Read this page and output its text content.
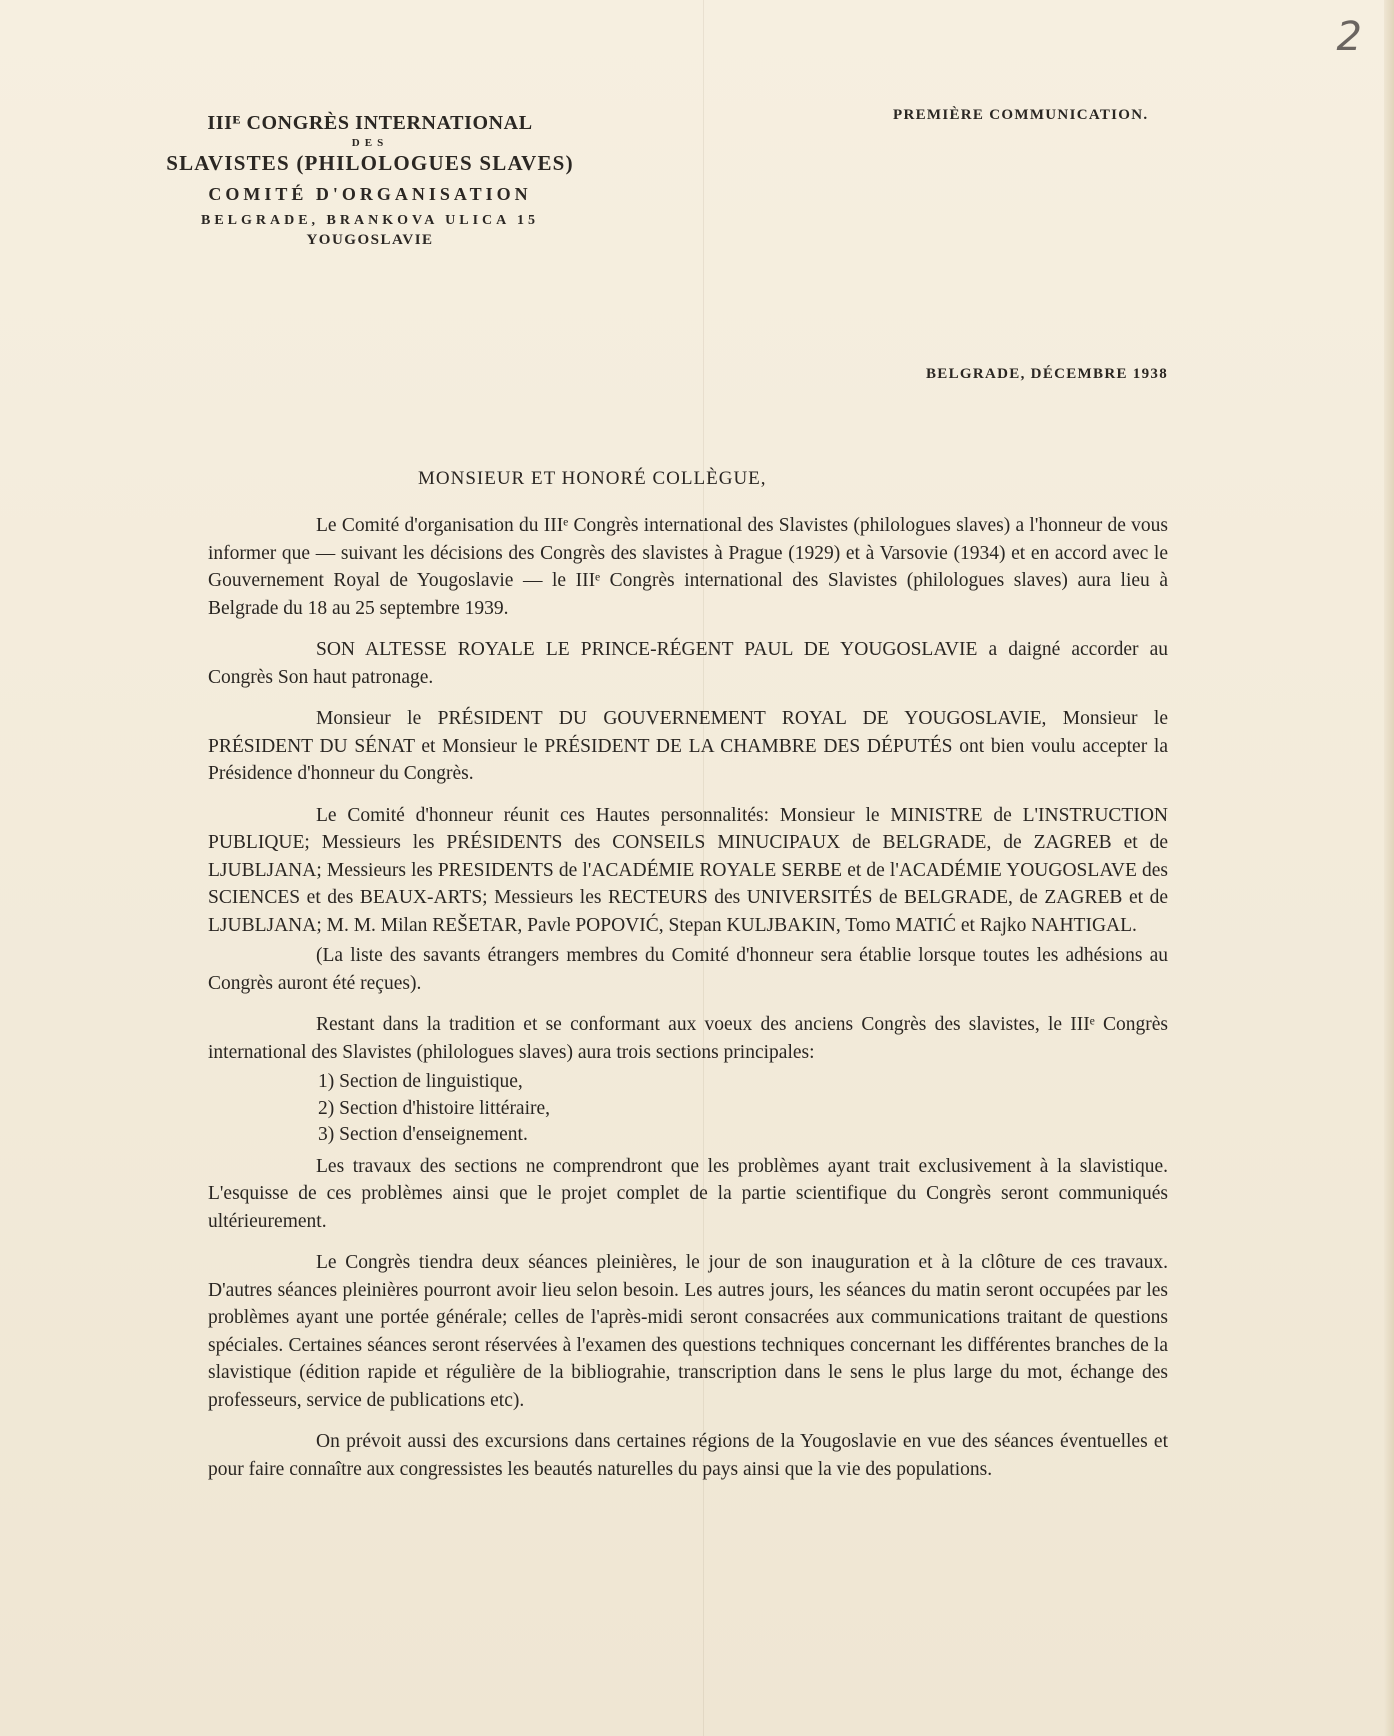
2
IIIᴱ CONGRÈS INTERNATIONAL
DES
SLAVISTES (PHILOLOGUES SLAVES)
COMITÉ D'ORGANISATION
BELGRADE, BRANKOVA ULICA 15
YOUGOSLAVIE
PREMIÈRE COMMUNICATION.
BELGRADE, DÉCEMBRE 1938
MONSIEUR ET HONORÉ COLLÈGUE,

Le Comité d'organisation du IIIᵉ Congrès international des Slavistes (philologues slaves) a l'honneur de vous informer que — suivant les décisions des Congrès des slavistes à Prague (1929) et à Varsovie (1934) et en accord avec le Gouvernement Royal de Yougoslavie — le IIIᵉ Congrès international des Slavistes (philologues slaves) aura lieu à Belgrade du 18 au 25 septembre 1939.

SON ALTESSE ROYALE LE PRINCE-RÉGENT PAUL DE YOUGOSLAVIE a daigné accorder au Congrès Son haut patronage.

Monsieur le PRÉSIDENT DU GOUVERNEMENT ROYAL DE YOUGOSLAVIE, Monsieur le PRÉSIDENT DU SÉNAT et Monsieur le PRÉSIDENT DE LA CHAMBRE DES DÉPUTÉS ont bien voulu accepter la Présidence d'honneur du Congrès.

Le Comité d'honneur réunit ces Hautes personnalités: Monsieur le MINISTRE de L'INSTRUCTION PUBLIQUE; Messieurs les PRÉSIDENTS des CONSEILS MINUCIPAUX de BELGRADE, de ZAGREB et de LJUBLJANA; Messieurs les PRESIDENTS de l'ACADÉMIE ROYALE SERBE et de l'ACADÉMIE YOUGOSLAVE des SCIENCES et des BEAUX-ARTS; Messieurs les RECTEURS des UNIVERSITÉS de BELGRADE, de ZAGREB et de LJUBLJANA; M. M. Milan REŠETAR, Pavle POPOVIĆ, Stepan KULJBAKIN, Tomo MATIĆ et Rajko NAHTIGAL.

(La liste des savants étrangers membres du Comité d'honneur sera établie lorsque toutes les adhésions au Congrès auront été reçues).

Restant dans la tradition et se conformant aux voeux des anciens Congrès des slavistes, le IIIᵉ Congrès international des Slavistes (philologues slaves) aura trois sections principales:

1) Section de linguistique,
2) Section d'histoire littéraire,
3) Section d'enseignement.

Les travaux des sections ne comprendront que les problèmes ayant trait exclusivement à la slavistique. L'esquisse de ces problèmes ainsi que le projet complet de la partie scientifique du Congrès seront communiqués ultérieurement.

Le Congrès tiendra deux séances pleinières, le jour de son inauguration et à la clôture de ces travaux. D'autres séances pleinières pourront avoir lieu selon besoin. Les autres jours, les séances du matin seront occupées par les problèmes ayant une portée générale; celles de l'après-midi seront consacrées aux communications traitant de questions spéciales. Certaines séances seront réservées à l'examen des questions techniques concernant les différentes branches de la slavistique (édition rapide et régulière de la bibliograhie, transcription dans le sens le plus large du mot, échange des professeurs, service de publications etc).

On prévoit aussi des excursions dans certaines régions de la Yougoslavie en vue des séances éventuelles et pour faire connaître aux congressistes les beautés naturelles du pays ainsi que la vie des populations.
